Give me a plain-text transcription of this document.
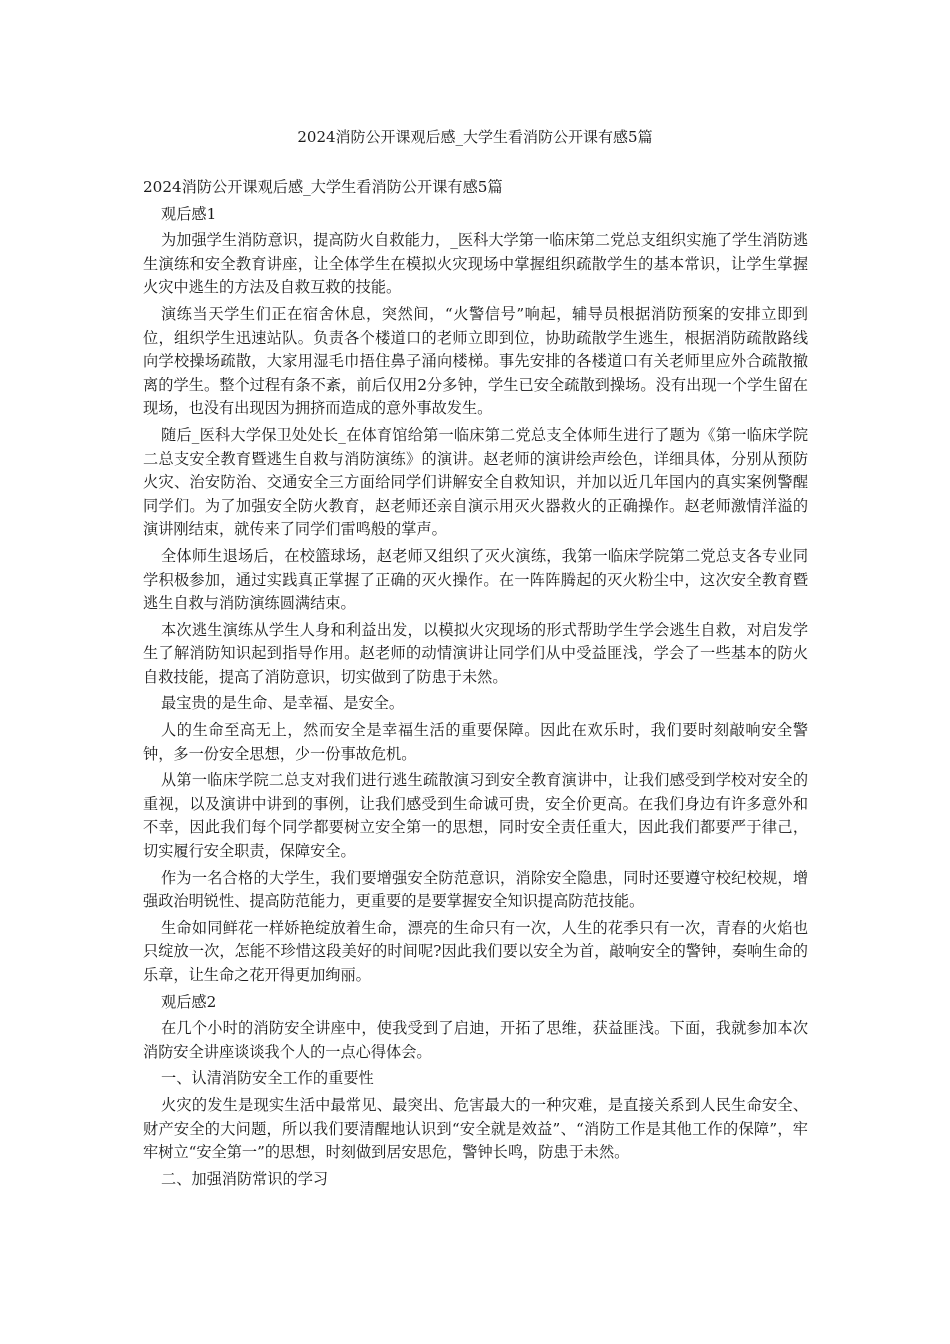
2024消防公开课观后感_大学生看消防公开课有感5篇

2024消防公开课观后感_大学生看消防公开课有感5篇

观后感1

为加强学生消防意识，提高防火自救能力，_医科大学第一临床第二党总支组织实施了学生消防逃生演练和安全教育讲座，让全体学生在模拟火灾现场中掌握组织疏散学生的基本常识，让学生掌握火灾中逃生的方法及自救互救的技能。

演练当天学生们正在宿舍休息，突然间，“火警信号”响起，辅导员根据消防预案的安排立即到位，组织学生迅速站队。负责各个楼道口的老师立即到位，协助疏散学生逃生，根据消防疏散路线向学校操场疏散，大家用湿毛巾捂住鼻子涌向楼梯。事先安排的各楼道口有关老师里应外合疏散撤离的学生。整个过程有条不紊，前后仅用2分多钟，学生已安全疏散到操场。没有出现一个学生留在现场，也没有出现因为拥挤而造成的意外事故发生。

随后_医科大学保卫处处长_在体育馆给第一临床第二党总支全体师生进行了题为《第一临床学院二总支安全教育暨逃生自救与消防演练》的演讲。赵老师的演讲绘声绘色，详细具体，分别从预防火灾、治安防治、交通安全三方面给同学们讲解安全自救知识，并加以近几年国内的真实案例警醒同学们。为了加强安全防火教育，赵老师还亲自演示用灭火器救火的正确操作。赵老师激情洋溢的演讲刚结束，就传来了同学们雷鸣般的掌声。

全体师生退场后，在校篮球场，赵老师又组织了灭火演练，我第一临床学院第二党总支各专业同学积极参加，通过实践真正掌握了正确的灭火操作。在一阵阵腾起的灭火粉尘中，这次安全教育暨逃生自救与消防演练圆满结束。

本次逃生演练从学生人身和利益出发，以模拟火灾现场的形式帮助学生学会逃生自救，对启发学生了解消防知识起到指导作用。赵老师的动情演讲让同学们从中受益匪浅，学会了一些基本的防火自救技能，提高了消防意识，切实做到了防患于未然。

最宝贵的是生命、是幸福、是安全。

人的生命至高无上，然而安全是幸福生活的重要保障。因此在欢乐时，我们要时刻敲响安全警钟，多一份安全思想，少一份事故危机。

从第一临床学院二总支对我们进行逃生疏散演习到安全教育演讲中，让我们感受到学校对安全的重视，以及演讲中讲到的事例，让我们感受到生命诚可贵，安全价更高。在我们身边有许多意外和不幸，因此我们每个同学都要树立安全第一的思想，同时安全责任重大，因此我们都要严于律己，切实履行安全职责，保障安全。

作为一名合格的大学生，我们要增强安全防范意识，消除安全隐患，同时还要遵守校纪校规，增强政治明锐性、提高防范能力，更重要的是要掌握安全知识提高防范技能。

生命如同鲜花一样娇艳绽放着生命，漂亮的生命只有一次，人生的花季只有一次，青春的火焰也只绽放一次，怎能不珍惜这段美好的时间呢?因此我们要以安全为首，敲响安全的警钟，奏响生命的乐章，让生命之花开得更加绚丽。

观后感2

在几个小时的消防安全讲座中，使我受到了启迪，开拓了思维，获益匪浅。下面，我就参加本次消防安全讲座谈谈我个人的一点心得体会。

一、认清消防安全工作的重要性

火灾的发生是现实生活中最常见、最突出、危害最大的一种灾难，是直接关系到人民生命安全、财产安全的大问题，所以我们要清醒地认识到“安全就是效益”、“消防工作是其他工作的保障”，牢牢树立“安全第一”的思想，时刻做到居安思危，警钟长鸣，防患于未然。

二、加强消防常识的学习
